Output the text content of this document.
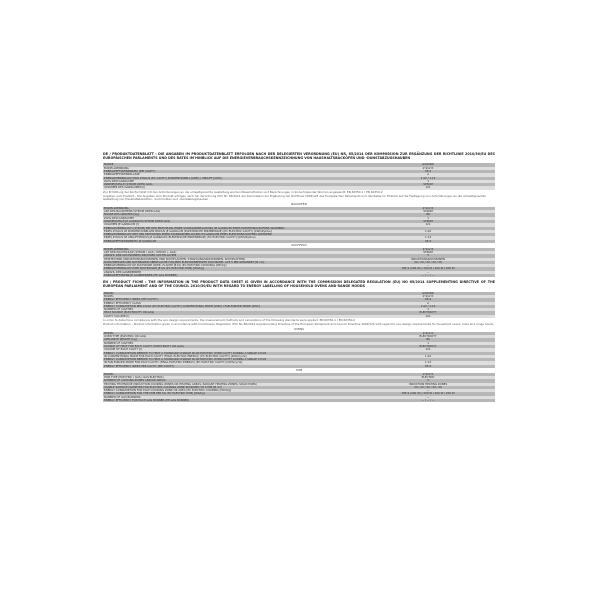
DE / PRODUKTDATENBLATT : DIE ANGABEN IM PRODUKTDATENBLATT ERFOLGEN NACH DER DELEGIERTEN VERORDNUNG (EU) NR. 65/2014 DER KOMMISSION ZUR ERGÄNZUNG DER RICHTLINIE 2010/30/EU DES EUROPÄISCHEN PARLAMENTS UND DES RATES IM HINBLICK AUF DIE ENERGIEVERBRAUCHSKENNZEICHNUNG VON HAUSHALTSBACKÖFEN UND -DUNSTABZUGSHAUBEN
MARKE	GURAND
MODELLKENNUNG	Z 912 R
ENERGIEEFFIZIENZINDEX (EEI CAVITY)	95.9
ENERGIEEFFIZIENZKLASSE	A
ENERGIEVERBRAUCH PRO ZYKLUS (EC CAVITY) KONVENTIONELL [kWh] / UMLUFT [kWh]	1.02 / 1.13
ZAHL DER GARRÄUME	1
WÄRMEQUELLE (STROM ODER GAS)	STROM
VOLUMEN DES GARRAUMES [l]	121
Zur Ermittlung der Konformität mit den Anforderungen an die umweltgerechte Gestaltung wurden Messmethoden und Berechnungen in Sinne folgender Normen angewandt: EN 60350-1 / EN 60350-2
Angaben zum Produkt – Die Angaben zum Produkt erfolgen nach der Verordnung (EU) Nr. 66/2014 der Kommission zur Ergänzung der Richtlinie 2009/125 des Europäischen Parlaments und des Rates im Hinblick auf die Festlegung von Anforderungen an die umweltgerechte Gestaltung von Haushaltsbacköfen, -kochmulden und -dunstabzugshauben
BACKOFEN
MODELLKENNUNG	Z 912 R
ART DES BACKOFENS (STROM ODER GAS)	STROM
MASSE DES GERÄTES [kg]	86
ZAHL DER GARRÄUME	1
WÄRMEQUELLE JE GARRAUM (STROM ODER GAS)	STROM
VOLUMEN JE GARRAUM [l]	121
ENERGIEVERBRAUCH (STROM) BEI DER ERHITZUNG EINER STANDARDBELADUNG IM GARRAUM EINES ELEKTROBACKOFENS WÄHREND	
EINES ZYKLUS IM KONVENTIONELLEN MODUS JE GARRAUM (ELEKTRISCHE ENDENERGIE) (EC ELECTRIC CAVITY) [kWh/Zyklus]	1.02
ENERGIEVERBRAUCH BEI DER ERHITZUNG EINER STANDARDBELADUNG IM GARRAUM EINES ELEKTROBACKOFENS WÄHREND	
EINES ZYKLUS IM UMLUFTMODUS JE GARRAUM (ELEKTRISCHE ENDENERGIE) (EC ELECTRIC CAVITY) [kWh/Zyklus]	1.13
ENERGIEEFFIZIENZINDEX JE GARRAUM	95.9
KOCHFELD
MODELLKENNUNG	Z 912 R
ART DER KOCHMULDE (STROM / GAS / STROM + GAS)	STROM
ANZAHL DER KOCHZONEN UND/ODER KOCHFLÄCHEN	5
HEIZTECHNIK (INDUKTIONSKOCHZONEN UND KOCHFLÄCHEN, STRAHLUNGSKOCHZONEN, KOCHPLATTEN)	INDUKTIONSKOCHZONEN
DURCHMESSER DER NUTZBAREN OBERFLÄCHE FÜR JEDE ELEKTROBEHEIZTE KOCHZONE, AUF 5 MM GERUNDET [Ø cm]	20 / 20 / 20 / 20 / 26
ENERGIEVERBRAUCH JE KOCHZONE ODER -FLÄCHE JE KG (EC ELECTRIC COOKING) [Wh/kg]	—
ENERGIEVERBRAUCH DER KOCHMULDE JE KG (EC ELECTRIC HOB) [Wh/kg]	185.9 (200 W) / 200 W / 200 W / 200 W
ANZAHL DER GASBRENNER	—
ENERGIEEFFIZIENZ JE GASBRENNER (EE GAS BURNER)	— / — / —
EN / PRODUCT FICHE : THE INFORMATION IN THE PRODUCT DATA SHEET IS GIVEN IN ACCORDANCE WITH THE COMMISSION DELEGATED REGULATION (EU) NO 65/2014 SUPPLEMENTING DIRECTIVE OF THE EUROPEAN PARLIAMENT AND OF THE COUNCIL 2010/30/EU WITH REGARD TO ENERGY LABELLING OF HOUSEHOLD OVENS AND RANGE HOODS
BRAND	GURAND
MODEL	Z 912 R
ENERGY EFFICIENCY INDEX (EEI CAVITY)	95.9
ENERGY EFFICIENCY CLASS	A
ENERGY CONSUMPTION PER CYCLE (EC ELECTRIC CAVITY) CONVENTIONAL MODE [kWh] / FAN-FORCED MODE [kWh]	1.02 / 1.13
NUMBER OF CAVITIES	1
HEAT SOURCE (ELECTRICITY OR GAS)	ELECTRICITY
CAVITY VOLUME [l]	121
In order to determine compliance with the eco-design requirements, the measurement methods and calculations of the following standards were applied: EN 60350-1 / EN 60350-2
Product information – Product information given in accordance with Commission Regulation (EU) No 66/2014 supplementing Directive of the European Parliament and Council Directive 2009/125 with regard to eco-design requirements for household ovens, hobs and range hoods
OVENS
MODEL	Z 912 R
OVEN TYPE (ELECTRIC OR GAS)	ELECTRICITY
APPLIANCE WEIGHT [kg]	86
NUMBER OF CAVITIES	1
SOURCE OF HEAT FOR EACH CAVITY (ELECTRICITY OR GAS)	ELECTRICITY
VOLUME OF EACH CAVITY [l]	121
ENERGY CONSUMPTION NEEDED TO HEAT A STANDARD CHARGE IN AN ELECTRIC OVEN CAVITY DURING A SINGLE CYCLE	
IN CONVENTIONAL MODE FOR EACH CAVITY (FINAL ELECTRIC ENERGY) (EC ELECTRIC CAVITY) [kWh/cycle]	1.02
ENERGY CONSUMPTION NEEDED TO HEAT A STANDARD CHARGE IN AN ELECTRIC OVEN CAVITY DURING A SINGLE CYCLE	
IN FAN-FORCED MODE FOR EACH CAVITY (FINAL ELECTRIC ENERGY) (EC ELECTRIC CAVITY) [kWh/cycle]	1.13
ENERGY EFFICIENCY INDEX PER CAVITY (EEI CAVITY)	95.9
HOB
MODEL	Z 912 R
HOB TYPE (ELECTRIC / GAS / GAS ELECTRIC)	ELECTRIC
NUMBER OF COOKING ZONES AND/OR AREAS	5
HEATING TECHNIQUE (INDUCTION COOKING ZONES OR HEATING AREAS, RADIANT HEATING ZONES, SOLID HOBS)	INDUCTION HEATING ZONES
USABLE SURFACE DIAMETER FOR ELECTRIC COOKING ZONE ROUNDED TO 5 MM [Ø cm]	20 / 20 / 20 / 20 / 26
ENERGY CONSUMPTION FOR EACH COOKING ZONE OR AREA (EC ELECTRIC COOKING) [Wh/kg]	—
ENERGY CONSUMPTION FOR THE HOB PER KG (EC ELECTRIC HOB) [Wh/kg]	185.9 (200 W) / 200 W / 200 W / 200 W
NUMBER OF GAS BURNERS	—
ENERGY EFFICIENCY FOR EACH GAS BURNER (EE GAS BURNER)	— / — / —
